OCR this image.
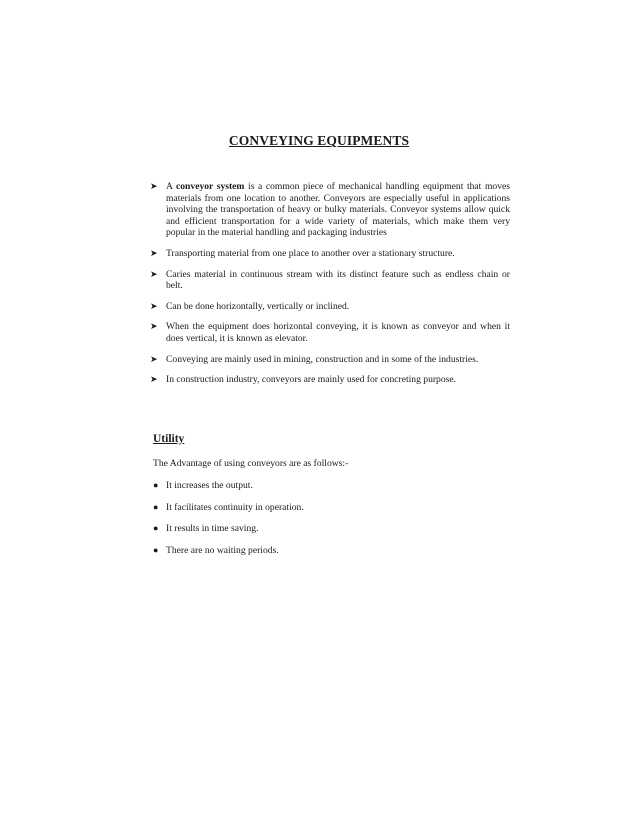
CONVEYING EQUIPMENTS
➤ A conveyor system is a common piece of mechanical handling equipment that moves materials from one location to another. Conveyors are especially useful in applications involving the transportation of heavy or bulky materials. Conveyor systems allow quick and efficient transportation for a wide variety of materials, which make them very popular in the material handling and packaging industries
➤ Transporting material from one place to another over a stationary structure.
➤ Caries material in continuous stream with its distinct feature such as endless chain or belt.
➤ Can be done horizontally, vertically or inclined.
➤ When the equipment does horizontal conveying, it is known as conveyor and when it does vertical, it is known as elevator.
➤ Conveying are mainly used in mining, construction and in some of the industries.
➤ In construction industry, conveyors are mainly used for concreting purpose.
Utility
The Advantage of using conveyors are as follows:-
● It increases the output.
● It facilitates continuity in operation.
● It results in time saving.
● There are no waiting periods.
